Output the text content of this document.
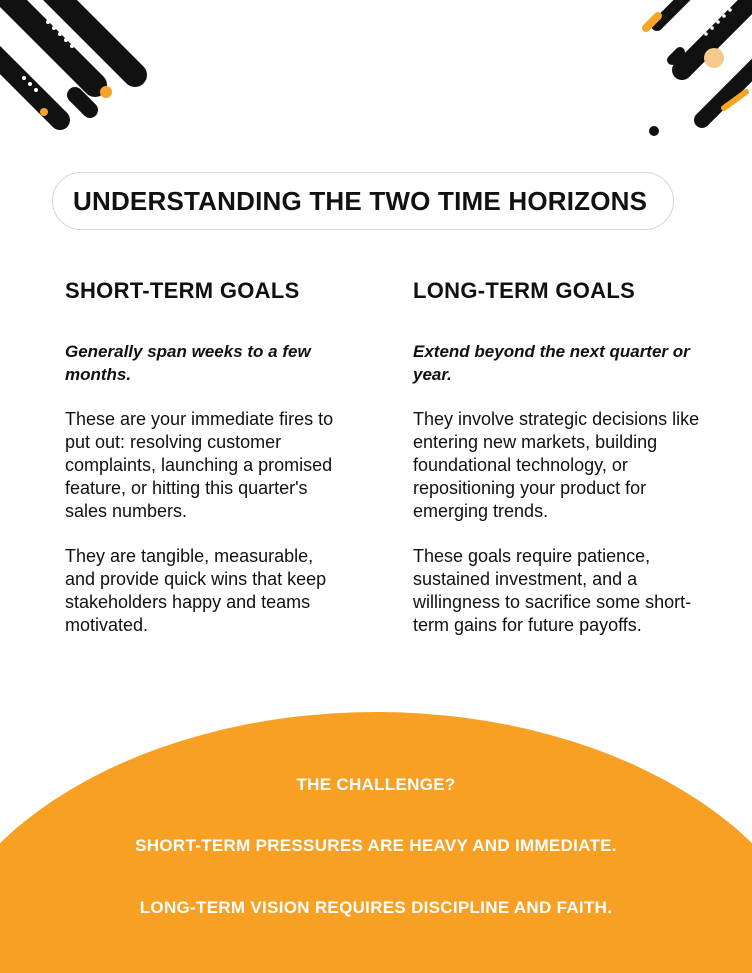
UNDERSTANDING THE TWO TIME HORIZONS
SHORT-TERM GOALS

Generally span weeks to a few months.

These are your immediate fires to put out: resolving customer complaints, launching a promised feature, or hitting this quarter's sales numbers.

They are tangible, measurable, and provide quick wins that keep stakeholders happy and teams motivated.

LONG-TERM GOALS

Extend beyond the next quarter or year.

They involve strategic decisions like entering new markets, building foundational technology, or repositioning your product for emerging trends.

These goals require patience, sustained investment, and a willingness to sacrifice some short-term gains for future payoffs.

THE CHALLENGE?
SHORT-TERM PRESSURES ARE HEAVY AND IMMEDIATE.
LONG-TERM VISION REQUIRES DISCIPLINE AND FAITH.
